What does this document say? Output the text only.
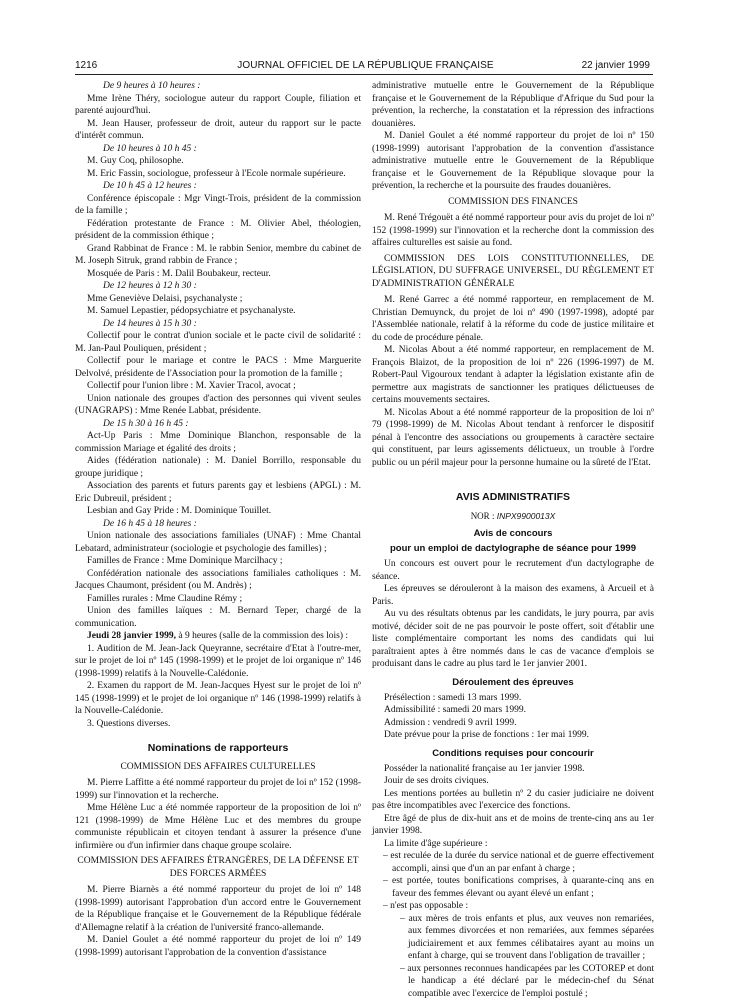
1216	JOURNAL OFFICIEL DE LA RÉPUBLIQUE FRANÇAISE	22 janvier 1999

De 9 heures à 10 heures :

Mme Irène Théry, sociologue auteur du rapport Couple, filiation et parenté aujourd'hui.

M. Jean Hauser, professeur de droit, auteur du rapport sur le pacte d'intérêt commun.

De 10 heures à 10 h 45 :

M. Guy Coq, philosophe.

M. Eric Fassin, sociologue, professeur à l'Ecole normale supérieure.

De 10 h 45 à 12 heures :

Conférence épiscopale : Mgr Vingt-Trois, président de la commission de la famille ;

Fédération protestante de France : M. Olivier Abel, théologien, président de la commission éthique ;

Grand Rabbinat de France : M. le rabbin Senior, membre du cabinet de M. Joseph Sitruk, grand rabbin de France ;

Mosquée de Paris : M. Dalil Boubakeur, recteur.

De 12 heures à 12 h 30 :

Mme Geneviève Delaisi, psychanalyste ;

M. Samuel Lepastier, pédopsychiatre et psychanalyste.

De 14 heures à 15 h 30 :

Collectif pour le contrat d'union sociale et le pacte civil de solidarité : M. Jan-Paul Pouliquen, président ;

Collectif pour le mariage et contre le PACS : Mme Marguerite Delvolvé, présidente de l'Association pour la promotion de la famille ;

Collectif pour l'union libre : M. Xavier Tracol, avocat ;

Union nationale des groupes d'action des personnes qui vivent seules (UNAGRAPS) : Mme Renée Labbat, présidente.

De 15 h 30 à 16 h 45 :

Act-Up Paris : Mme Dominique Blanchon, responsable de la commission Mariage et égalité des droits ;

Aides (fédération nationale) : M. Daniel Borrillo, responsable du groupe juridique ;

Association des parents et futurs parents gay et lesbiens (APGL) : M. Eric Dubreuil, président ;

Lesbian and Gay Pride : M. Dominique Touillet.

De 16 h 45 à 18 heures :

Union nationale des associations familiales (UNAF) : Mme Chantal Lebatard, administrateur (sociologie et psychologie des familles) ;

Familles de France : Mme Dominique Marcilhacy ;

Confédération nationale des associations familiales catholiques : M. Jacques Chaumont, président (ou M. Andrès) ;

Familles rurales : Mme Claudine Rémy ;

Union des familles laïques : M. Bernard Teper, chargé de la communication.

Jeudi 28 janvier 1999, à 9 heures (salle de la commission des lois) :

1. Audition de M. Jean-Jack Queyranne, secrétaire d'Etat à l'outre-mer, sur le projet de loi nº 145 (1998-1999) et le projet de loi organique nº 146 (1998-1999) relatifs à la Nouvelle-Calédonie.

2. Examen du rapport de M. Jean-Jacques Hyest sur le projet de loi nº 145 (1998-1999) et le projet de loi organique nº 146 (1998-1999) relatifs à la Nouvelle-Calédonie.

3. Questions diverses.

Nominations de rapporteurs
COMMISSION DES AFFAIRES CULTURELLES

M. Pierre Laffitte a été nommé rapporteur du projet de loi nº 152 (1998-1999) sur l'innovation et la recherche.

Mme Hélène Luc a été nommée rapporteur de la proposition de loi nº 121 (1998-1999) de Mme Hélène Luc et des membres du groupe communiste républicain et citoyen tendant à assurer la présence d'une infirmière ou d'un infirmier dans chaque groupe scolaire.

COMMISSION DES AFFAIRES ÉTRANGÈRES, DE LA DÉFENSE ET DES FORCES ARMÉES

M. Pierre Biarnès a été nommé rapporteur du projet de loi nº 148 (1998-1999) autorisant l'approbation d'un accord entre le Gouvernement de la République française et le Gouvernement de la République fédérale d'Allemagne relatif à la création de l'université franco-allemande.

M. Daniel Goulet a été nommé rapporteur du projet de loi nº 149 (1998-1999) autorisant l'approbation de la convention d'assistance

administrative mutuelle entre le Gouvernement de la République française et le Gouvernement de la République d'Afrique du Sud pour la prévention, la recherche, la constatation et la répression des infractions douanières.

M. Daniel Goulet a été nommé rapporteur du projet de loi nº 150 (1998-1999) autorisant l'approbation de la convention d'assistance administrative mutuelle entre le Gouvernement de la République française et le Gouvernement de la République slovaque pour la prévention, la recherche et la poursuite des fraudes douanières.

COMMISSION DES FINANCES

M. René Trégouët a été nommé rapporteur pour avis du projet de loi nº 152 (1998-1999) sur l'innovation et la recherche dont la commission des affaires culturelles est saisie au fond.

COMMISSION DES LOIS CONSTITUTIONNELLES, DE LÉGISLATION, DU SUFFRAGE UNIVERSEL, DU RÈGLEMENT ET D'ADMINISTRATION GÉNÉRALE

M. René Garrec a été nommé rapporteur, en remplacement de M. Christian Demuynck, du projet de loi nº 490 (1997-1998), adopté par l'Assemblée nationale, relatif à la réforme du code de justice militaire et du code de procédure pénale.

M. Nicolas About a été nommé rapporteur, en remplacement de M. François Blaizot, de la proposition de loi nº 226 (1996-1997) de M. Robert-Paul Vigouroux tendant à adapter la législation existante afin de permettre aux magistrats de sanctionner les pratiques délictueuses de certains mouvements sectaires.

M. Nicolas About a été nommé rapporteur de la proposition de loi nº 79 (1998-1999) de M. Nicolas About tendant à renforcer le dispositif pénal à l'encontre des associations ou groupements à caractère sectaire qui constituent, par leurs agissements délictueux, un trouble à l'ordre public ou un péril majeur pour la personne humaine ou la sûreté de l'Etat.

AVIS ADMINISTRATIFS

NOR : INPX9900013X

Avis de concours
pour un emploi de dactylographe de séance pour 1999

Un concours est ouvert pour le recrutement d'un dactylographe de séance.

Les épreuves se dérouleront à la maison des examens, à Arcueil et à Paris.

Au vu des résultats obtenus par les candidats, le jury pourra, par avis motivé, décider soit de ne pas pourvoir le poste offert, soit d'établir une liste complémentaire comportant les noms des candidats qui lui paraîtraient aptes à être nommés dans le cas de vacance d'emplois se produisant dans le cadre au plus tard le 1er janvier 2001.

Déroulement des épreuves

Présélection : samedi 13 mars 1999.

Admissibilité : samedi 20 mars 1999.

Admission : vendredi 9 avril 1999.

Date prévue pour la prise de fonctions : 1er mai 1999.

Conditions requises pour concourir

Posséder la nationalité française au 1er janvier 1998.

Jouir de ses droits civiques.

Les mentions portées au bulletin nº 2 du casier judiciaire ne doivent pas être incompatibles avec l'exercice des fonctions.

Etre âgé de plus de dix-huit ans et de moins de trente-cinq ans au 1er janvier 1998.

La limite d'âge supérieure :

– est reculée de la durée du service national et de guerre effectivement accompli, ainsi que d'un an par enfant à charge ;
– est portée, toutes bonifications comprises, à quarante-cinq ans en faveur des femmes élevant ou ayant élevé un enfant ;
– n'est pas opposable :
– aux mères de trois enfants et plus, aux veuves non remariées, aux femmes divorcées et non remariées, aux femmes séparées judiciairement et aux femmes célibataires ayant au moins un enfant à charge, qui se trouvent dans l'obligation de travailler ;
– aux personnes reconnues handicapées par les COTOREP et dont le handicap a été déclaré par le médecin-chef du Sénat compatible avec l'exercice de l'emploi postulé ;
